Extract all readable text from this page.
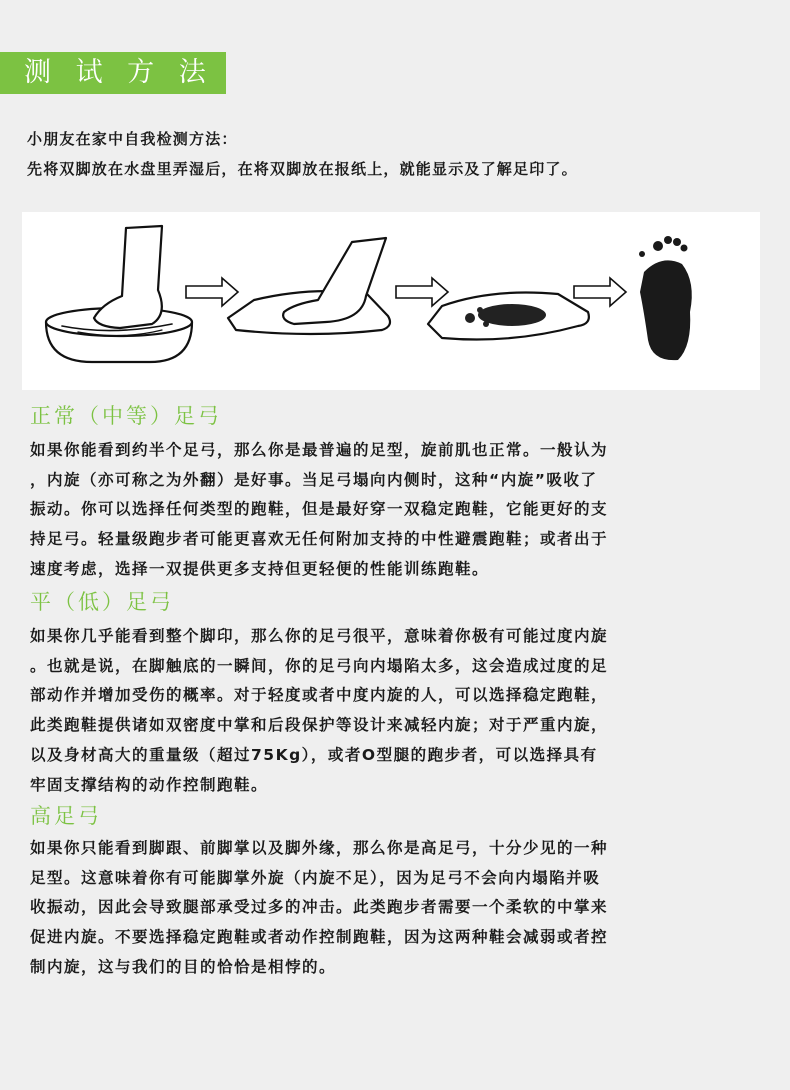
测 试 方 法
小朋友在家中自我检测方法：
先将双脚放在水盘里弄湿后，在将双脚放在报纸上，就能显示及了解足印了。
正常（中等）足弓
如果你能看到约半个足弓，那么你是最普遍的足型，旋前肌也正常。一般认为
，内旋（亦可称之为外翻）是好事。当足弓塌向内侧时，这种“内旋”吸收了
振动。你可以选择任何类型的跑鞋，但是最好穿一双稳定跑鞋，它能更好的支
持足弓。轻量级跑步者可能更喜欢无任何附加支持的中性避震跑鞋；或者出于
速度考虑，选择一双提供更多支持但更轻便的性能训练跑鞋。
平（低）足弓
如果你几乎能看到整个脚印，那么你的足弓很平，意味着你极有可能过度内旋
。也就是说，在脚触底的一瞬间，你的足弓向内塌陷太多，这会造成过度的足
部动作并增加受伤的概率。对于轻度或者中度内旋的人，可以选择稳定跑鞋，
此类跑鞋提供诸如双密度中掌和后段保护等设计来减轻内旋；对于严重内旋，
以及身材高大的重量级（超过75Kg），或者O型腿的跑步者，可以选择具有
牢固支撑结构的动作控制跑鞋。
高足弓
如果你只能看到脚跟、前脚掌以及脚外缘，那么你是高足弓，十分少见的一种
足型。这意味着你有可能脚掌外旋（内旋不足），因为足弓不会向内塌陷并吸
收振动，因此会导致腿部承受过多的冲击。此类跑步者需要一个柔软的中掌来
促进内旋。不要选择稳定跑鞋或者动作控制跑鞋，因为这两种鞋会减弱或者控
制内旋，这与我们的目的恰恰是相悖的。
